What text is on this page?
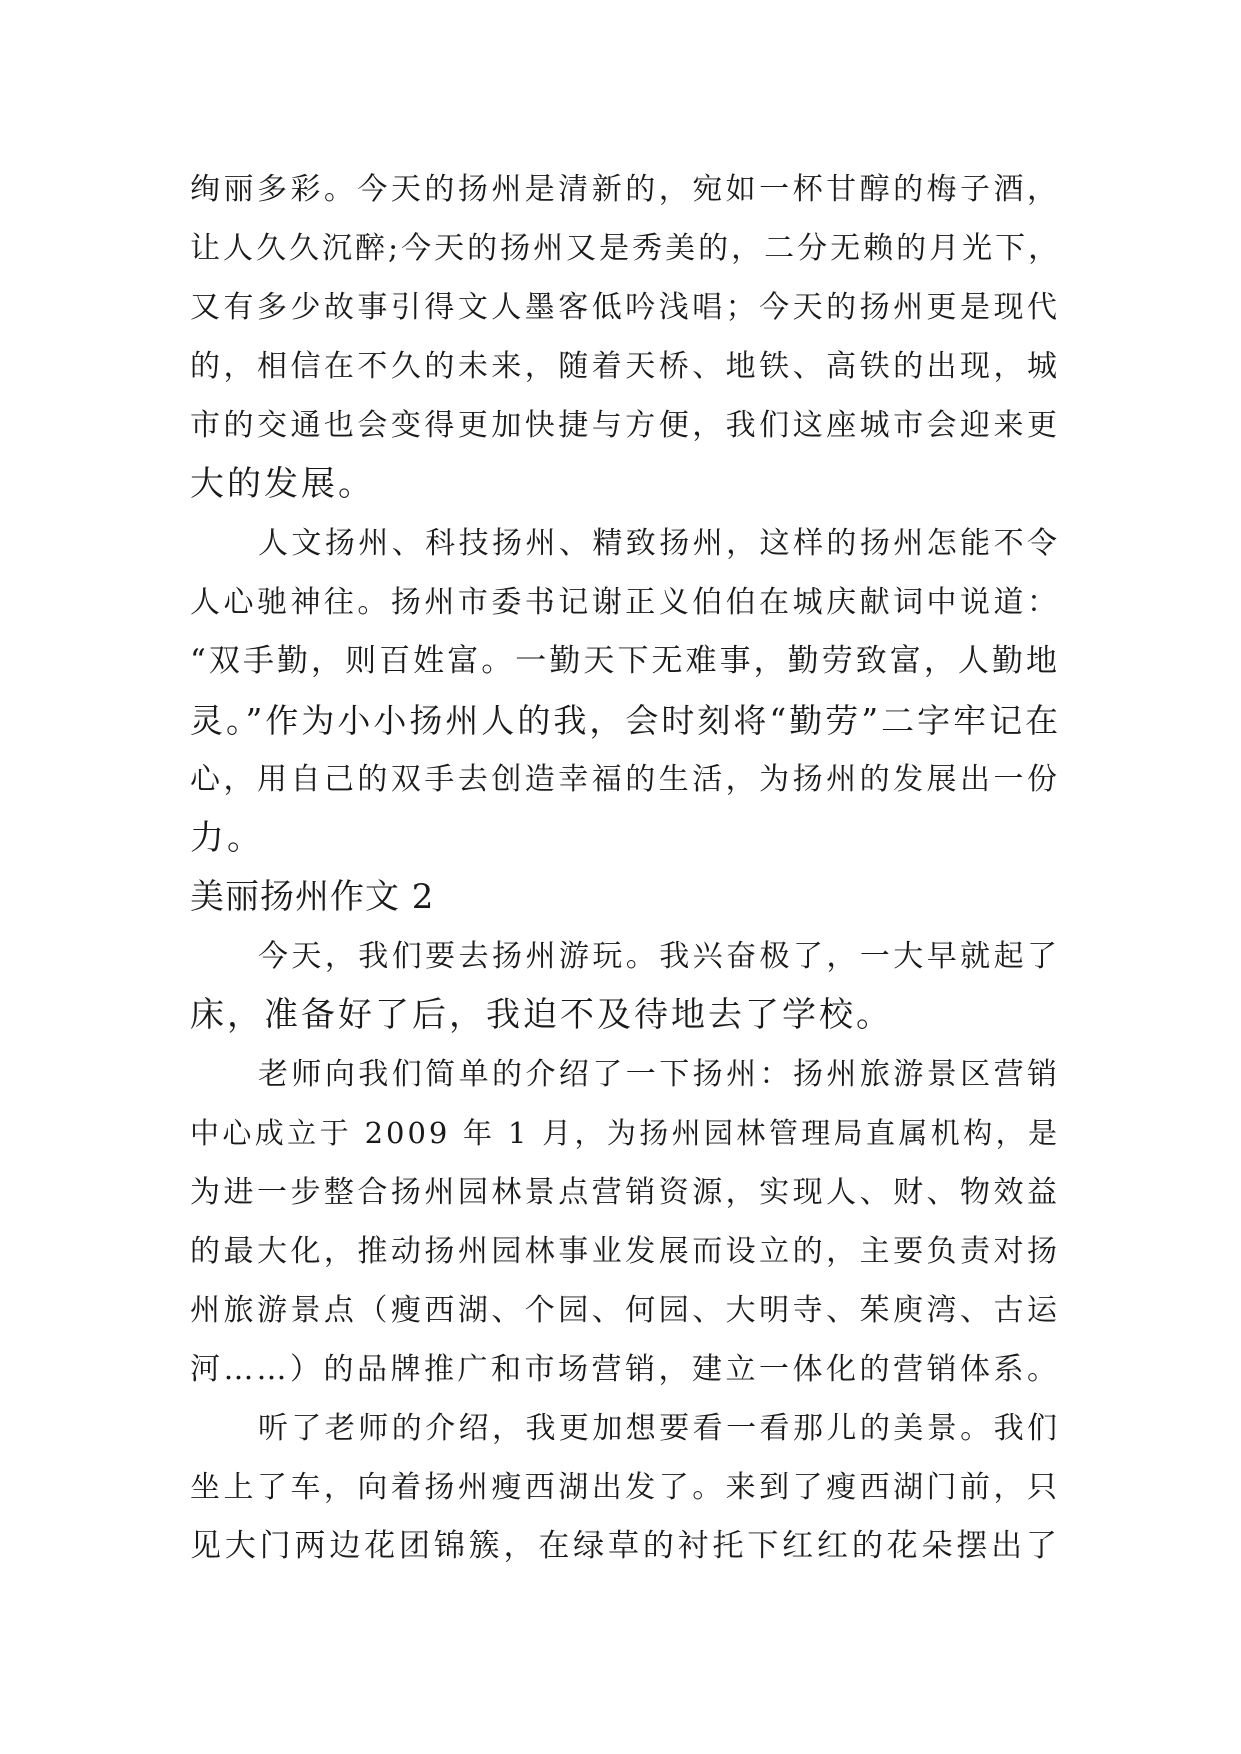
绚丽多彩。今天的扬州是清新的，宛如一杯甘醇的梅子酒，
让人久久沉醉;今天的扬州又是秀美的，二分无赖的月光下，
又有多少故事引得文人墨客低吟浅唱；今天的扬州更是现代
的，相信在不久的未来，随着天桥、地铁、高铁的出现，城
市的交通也会变得更加快捷与方便，我们这座城市会迎来更
大的发展。
人文扬州、科技扬州、精致扬州，这样的扬州怎能不令
人心驰神往。扬州市委书记谢正义伯伯在城庆献词中说道：
“双手勤，则百姓富。一勤天下无难事，勤劳致富，人勤地
灵。”作为小小扬州人的我，会时刻将“勤劳”二字牢记在
心，用自己的双手去创造幸福的生活，为扬州的发展出一份
力。
美丽扬州作文 2
今天，我们要去扬州游玩。我兴奋极了，一大早就起了
床，准备好了后，我迫不及待地去了学校。
老师向我们简单的介绍了一下扬州：扬州旅游景区营销
中心成立于 2009 年 1 月，为扬州园林管理局直属机构，是
为进一步整合扬州园林景点营销资源，实现人、财、物效益
的最大化，推动扬州园林事业发展而设立的，主要负责对扬
州旅游景点（瘦西湖、个园、何园、大明寺、茱庾湾、古运
河……）的品牌推广和市场营销，建立一体化的营销体系。
听了老师的介绍，我更加想要看一看那儿的美景。我们
坐上了车，向着扬州瘦西湖出发了。来到了瘦西湖门前，只
见大门两边花团锦簇，在绿草的衬托下红红的花朵摆出了
